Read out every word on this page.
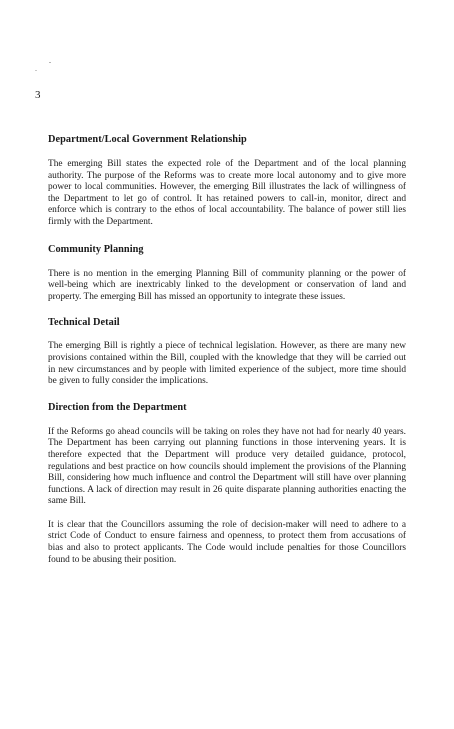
3
Department/Local Government Relationship
The emerging Bill states the expected role of the Department and of the local planning authority. The purpose of the Reforms was to create more local autonomy and to give more power to local communities. However, the emerging Bill illustrates the lack of willingness of the Department to let go of control. It has retained powers to call-in, monitor, direct and enforce which is contrary to the ethos of local accountability. The balance of power still lies firmly with the Department.
Community Planning
There is no mention in the emerging Planning Bill of community planning or the power of well-being which are inextricably linked to the development or conservation of land and property. The emerging Bill has missed an opportunity to integrate these issues.
Technical Detail
The emerging Bill is rightly a piece of technical legislation. However, as there are many new provisions contained within the Bill, coupled with the knowledge that they will be carried out in new circumstances and by people with limited experience of the subject, more time should be given to fully consider the implications.
Direction from the Department
If the Reforms go ahead councils will be taking on roles they have not had for nearly 40 years. The Department has been carrying out planning functions in those intervening years. It is therefore expected that the Department will produce very detailed guidance, protocol, regulations and best practice on how councils should implement the provisions of the Planning Bill, considering how much influence and control the Department will still have over planning functions. A lack of direction may result in 26 quite disparate planning authorities enacting the same Bill.
It is clear that the Councillors assuming the role of decision-maker will need to adhere to a strict Code of Conduct to ensure fairness and openness, to protect them from accusations of bias and also to protect applicants. The Code would include penalties for those Councillors found to be abusing their position.
